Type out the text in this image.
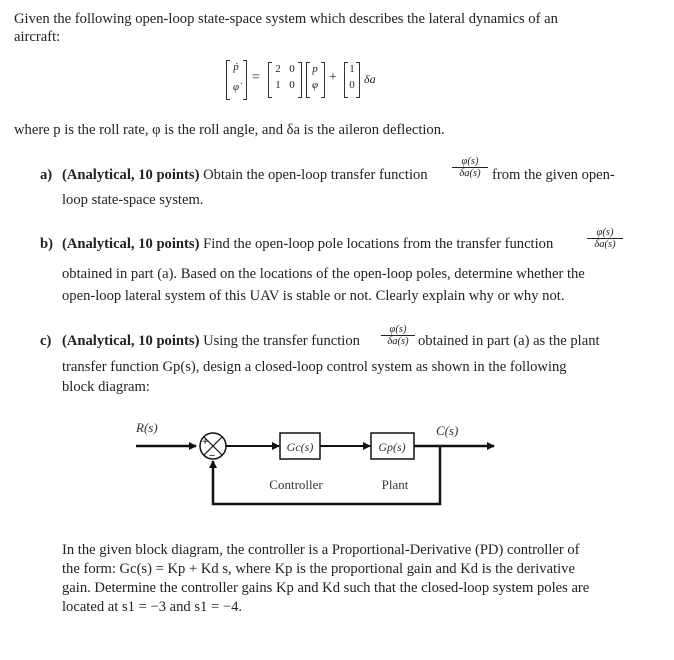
Given the following open-loop state-space system which describes the lateral dynamics of an
aircraft:
ṗ
φ̇
=
2 0
1 0
p
φ +
1
0 δa
where p is the roll rate, φ is the roll angle, and δa is the aileron deflection.
a) (Analytical, 10 points) Obtain the open-loop transfer function $\frac{\varphi(s)}{\delta a(s)}$ from the given open-
loop state-space system.
b) (Analytical, 10 points) Find the open-loop pole locations from the transfer function	$\frac{\varphi(s)}{\delta a(s)}$
obtained in part (a). Based on the locations of the open-loop poles, determine whether the
open-loop lateral system of this UAV is stable or not. Clearly explain why or why not.
c) (Analytical, 10 points) Using the transfer function $\frac{\varphi(s)}{\delta a(s)}$ obtained in part (a) as the plant
transfer function Gp(s), design a closed-loop control system as shown in the following
block diagram:
R(s)
+
−
Gc(s)	Gp(s)
C(s)
Controller	Plant
In the given block diagram, the controller is a Proportional-Derivative (PD) controller of
the form: Gc(s) = Kp + Kd s, where Kp is the proportional gain and Kd is the derivative
gain. Determine the controller gains Kp and Kd such that the closed-loop system poles are
located at s1 = −3 and s1 = −4.
